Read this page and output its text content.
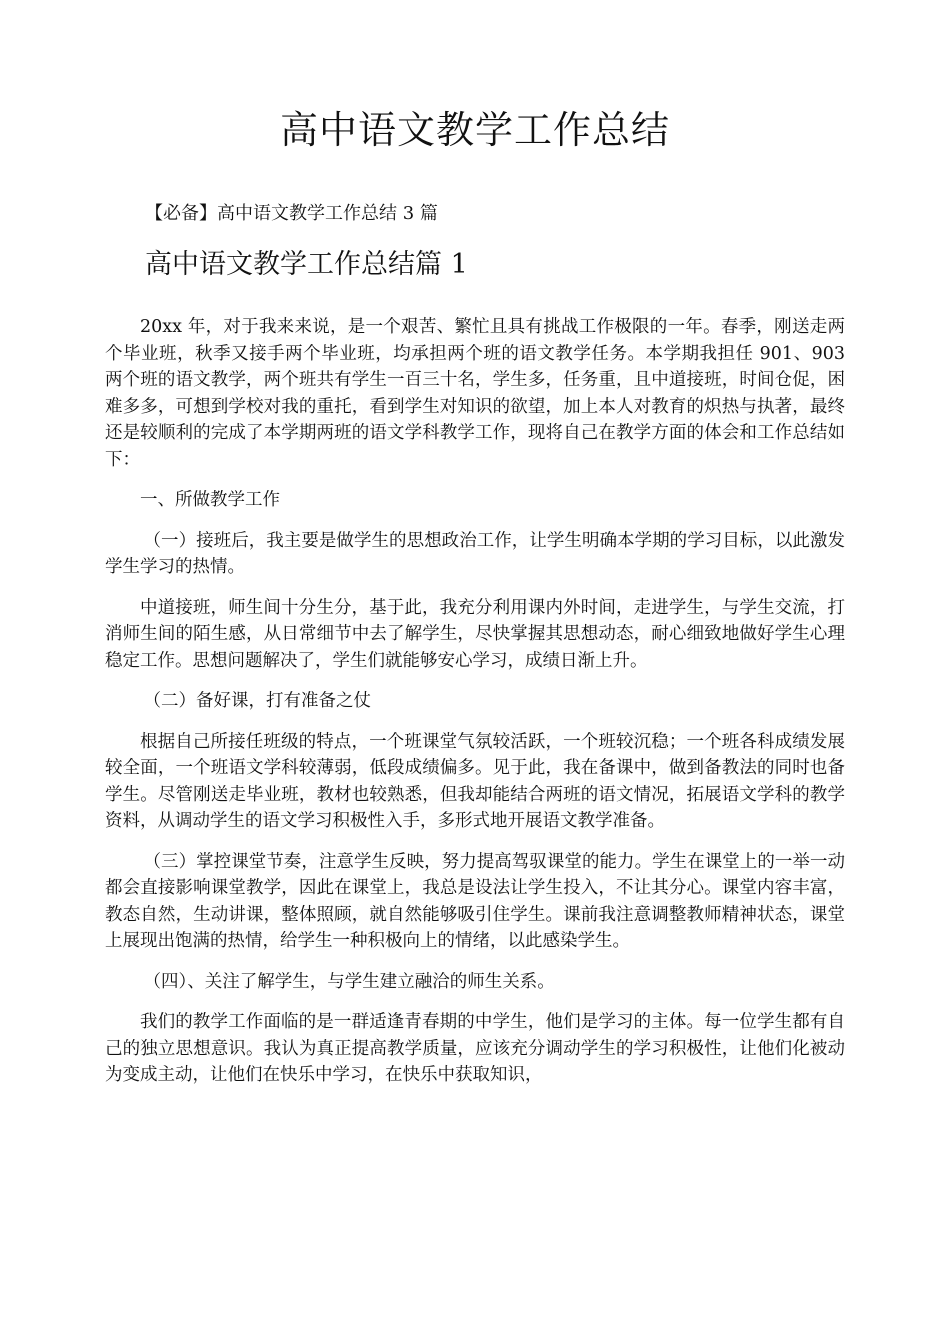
高中语文教学工作总结

【必备】高中语文教学工作总结 3 篇

高中语文教学工作总结篇 1

20xx 年，对于我来来说，是一个艰苦、繁忙且具有挑战工作极限的一年。春季，刚送走两个毕业班，秋季又接手两个毕业班，均承担两个班的语文教学任务。本学期我担任 901、903 两个班的语文教学，两个班共有学生一百三十名，学生多，任务重，且中道接班，时间仓促，困难多多，可想到学校对我的重托，看到学生对知识的欲望，加上本人对教育的炽热与执著，最终还是较顺利的完成了本学期两班的语文学科教学工作，现将自己在教学方面的体会和工作总结如下：

一、所做教学工作

（一）接班后，我主要是做学生的思想政治工作，让学生明确本学期的学习目标，以此激发学生学习的热情。

中道接班，师生间十分生分，基于此，我充分利用课内外时间，走进学生，与学生交流，打消师生间的陌生感，从日常细节中去了解学生，尽快掌握其思想动态，耐心细致地做好学生心理稳定工作。思想问题解决了，学生们就能够安心学习，成绩日渐上升。

（二）备好课，打有准备之仗

根据自己所接任班级的特点，一个班课堂气氛较活跃，一个班较沉稳；一个班各科成绩发展较全面，一个班语文学科较薄弱，低段成绩偏多。见于此，我在备课中，做到备教法的同时也备学生。尽管刚送走毕业班，教材也较熟悉，但我却能结合两班的语文情况，拓展语文学科的教学资料，从调动学生的语文学习积极性入手，多形式地开展语文教学准备。

（三）掌控课堂节奏，注意学生反映，努力提高驾驭课堂的能力。学生在课堂上的一举一动都会直接影响课堂教学，因此在课堂上，我总是设法让学生投入，不让其分心。课堂内容丰富，教态自然，生动讲课，整体照顾，就自然能够吸引住学生。课前我注意调整教师精神状态，课堂上展现出饱满的热情，给学生一种积极向上的情绪，以此感染学生。

（四）、关注了解学生，与学生建立融洽的师生关系。

我们的教学工作面临的是一群适逢青春期的中学生，他们是学习的主体。每一位学生都有自己的独立思想意识。我认为真正提高教学质量，应该充分调动学生的学习积极性，让他们化被动为变成主动，让他们在快乐中学习，在快乐中获取知识，
